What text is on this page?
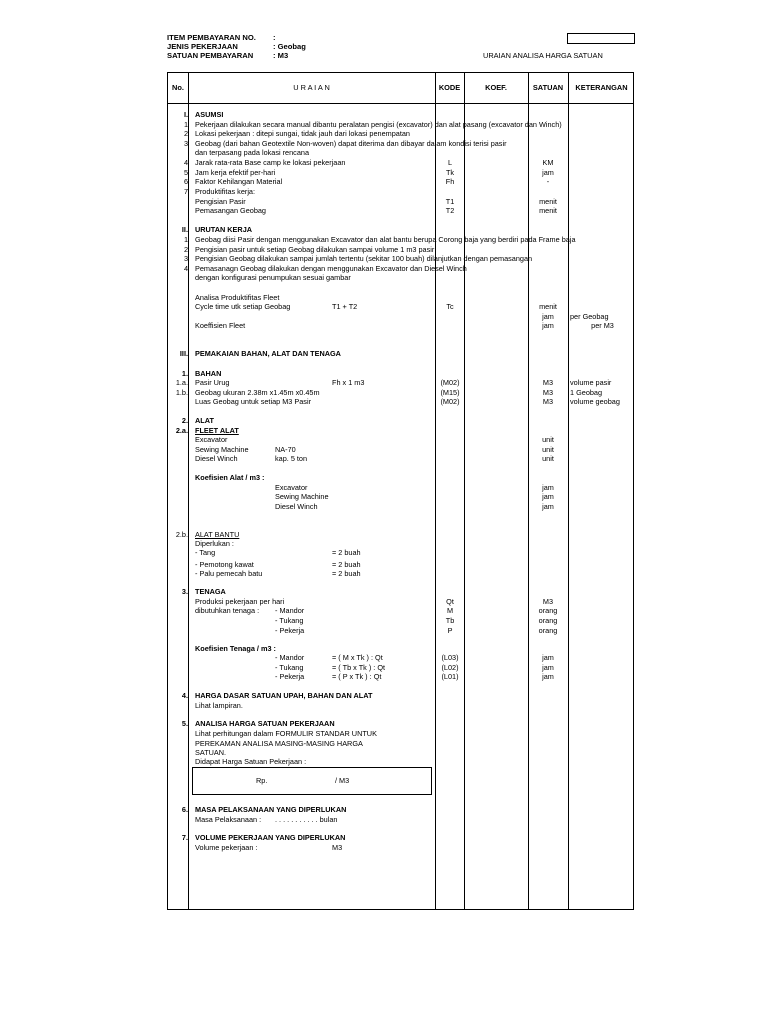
ITEM PEMBAYARAN NO. :
JENIS PEKERJAAN	: Geobag
SATUAN PEMBAYARAN	: M3	URAIAN ANALISA HARGA SATUAN
No.	U R A I A N	KODE	KOEF.	SATUAN	KETERANGAN
I. ASUMSI
1 Pekerjaan dilakukan secara manual dibantu peralatan pengisi (excavator) dan alat pasang (excavator dan Winch)
2 Lokasi pekerjaan : ditepi sungai, tidak jauh dari lokasi penempatan
3 Geobag (dari bahan Geotextile Non-woven) dapat diterima dan dibayar dalam kondisi terisi pasir
dan terpasang pada lokasi rencana
4 Jarak rata-rata Base camp ke lokasi pekerjaan	L	KM
5 Jam kerja efektif per-hari	Tk	jam
6 Faktor Kehilangan Material	Fh	-
7 Produktifitas kerja:
Pengisian Pasir	T1	menit
Pemasangan Geobag	T2	menit
II. URUTAN KERJA
1 Geobag diisi Pasir dengan menggunakan Excavator dan alat bantu berupa Corong baja yang berdiri pada Frame baja
2 Pengisian pasir untuk setiap Geobag dilakukan sampai volume 1 m3 pasir
3 Pengisian Geobag dilakukan sampai jumlah tertentu (sekitar 100 buah) dilanjutkan dengan pemasangan
4 Pemasanagn Geobag dilakukan dengan menggunakan Excavator dan Diesel Winch
dengan konfigurasi penumpukan sesuai gambar
Analisa Produktifitas Fleet
Cycle time utk setiap Geobag	T1 + T2	Tc	menit
jam	per Geobag
Koeffisien Fleet	jam	per M3
III. PEMAKAIAN BAHAN, ALAT DAN TENAGA
1. BAHAN
1.a. Pasir Urug	Fh x 1 m3	(M02)	M3	volume pasir
1.b. Geobag ukuran 2.38m x1.45m x0.45m	(M15)	M3	1 Geobag
Luas Geobag untuk setiap M3 Pasir	(M02)	M3	volume geobag
2. ALAT
2.a. FLEET ALAT
Excavator	unit
Sewing Machine	NA-70	unit
Diesel Winch	kap. 5 ton	unit
Koefisien Alat / m3 :
Excavator	jam
Sewing Machine	jam
Diesel Winch	jam
2.b. ALAT BANTU
Diperlukan :
- Tang	= 2 buah
- Pemotong kawat	= 2 buah
- Palu pemecah batu	= 2 buah
3. TENAGA
Produksi pekerjaan per hari	Qt	M3
dibutuhkan tenaga : - Mandor	M	orang
- Tukang	Tb	orang
- Pekerja	P	orang
Koefisien Tenaga / m3 :
- Mandor	= ( M x Tk ) : Qt	(L03)	jam
- Tukang	= ( Tb x Tk ) : Qt	(L02)	jam
- Pekerja	= ( P x Tk ) : Qt	(L01)	jam
4. HARGA DASAR SATUAN UPAH, BAHAN DAN ALAT
Lihat lampiran.
5. ANALISA HARGA SATUAN PEKERJAAN
Lihat perhitungan dalam FORMULIR STANDAR UNTUK
PEREKAMAN ANALISA MASING-MASING HARGA
SATUAN.
Didapat Harga Satuan Pekerjaan :
6. MASA PELAKSANAAN YANG DIPERLUKAN
Masa Pelaksanaan : . . . . . . . . . . . bulan
7. VOLUME PEKERJAAN YANG DIPERLUKAN
Volume pekerjaan :	M3
Rp.	/ M3
